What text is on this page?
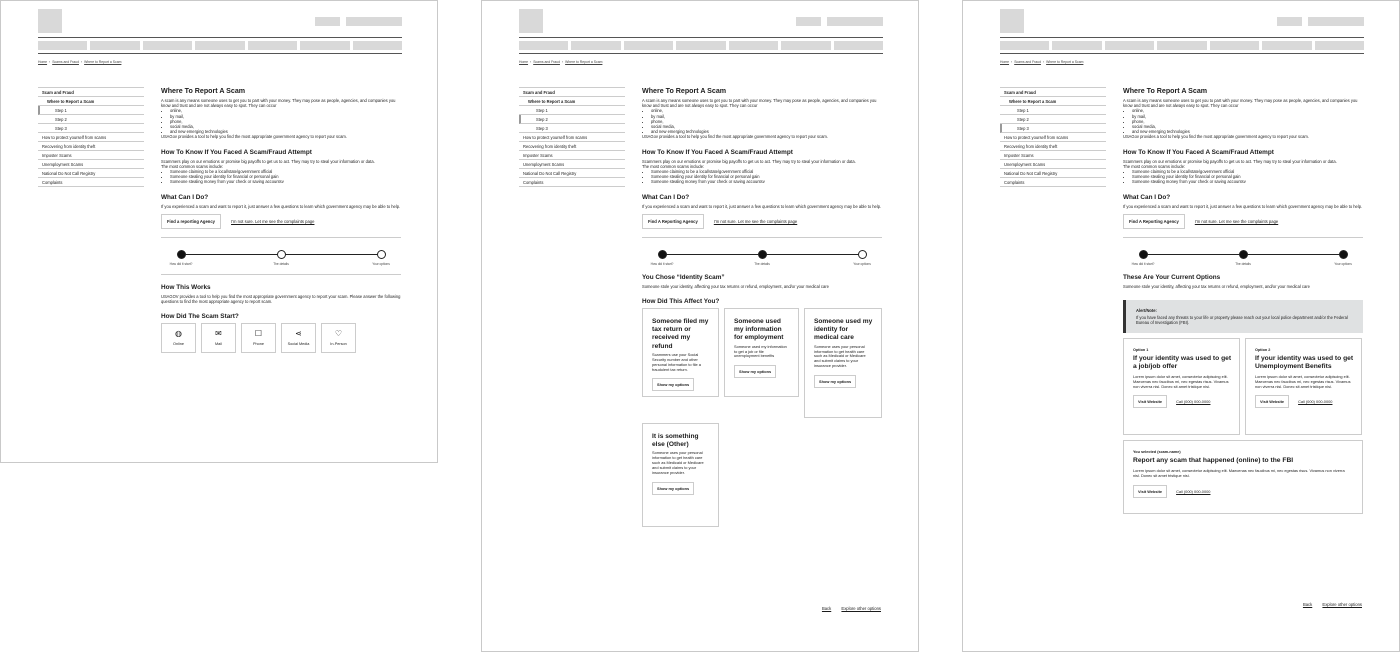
Home › Scams and Fraud › Where to Report a Scam
Scam and Fraud
Where to Report a Scam
Step 1
Step 2
Step 3
How to protect yourself from scams
Recovering from identity theft
Imposter Scams
Unemployment Scams
National Do Not Call Registry
Complaints
Where To Report A Scam

A scam is any means someone uses to get you to part with your money. They may pose as people, agencies, and companies you know and trust and are not always easy to spot. They can occur

• online,
• by mail,
• phone,
• social media,
• and new emerging technologies

USAGov provides a tool to help you find the most appropriate government agency to report your scam.

How To Know If You Faced A Scam/Fraud Attempt

Scammers play on our emotions or promise big payoffs to get us to act. They may try to steal your information or data.

The most common scams include:

• Someone claiming to be a local/state/government official
• Someone stealing your identity for financial or personal gain
• Someone stealing money from your check or saving accountsv
What Can I Do?

If you experienced a scam and want to report it, just answer a few questions to learn which government agency may be able to help.

Find a reporting Agency	I'm not sure. Let me see the complaints page
How did it start?	The details	Your options
How This Works

USAGOV provides a tool to help you find the most appropriate government agency to report your scam. Please answer the following questions to find the most appropriate agency to report scam.

How Did The Scam Start?
◍
Online
✉
Mail
☐
Phone
⋖
Social Media
♡
In-Person
Home › Scams and Fraud › Where to Report a Scam
Scam and Fraud
Where to Report a Scam
Step 1
Step 2
Step 3
How to protect yourself from scams
Recovering from identity theft
Imposter Scams
Unemployment Scams
National Do Not Call Registry
Complaints
Where To Report A Scam

A scam is any means someone uses to get you to part with your money. They may pose as people, agencies, and companies you know and trust and are not always easy to spot. They can occur

• online,
• by mail,
• phone,
• social media,
• and new emerging technologies

USAGov provides a tool to help you find the most appropriate government agency to report your scam.

How To Know If You Faced A Scam/Fraud Attempt

Scammers play on our emotions or promise big payoffs to get us to act. They may try to steal your information or data.

The most common scams include:

• Someone claiming to be a local/state/government official
• Someone stealing your identity for financial or personal gain
• Someone stealing money from your check or saving accountsv
What Can I Do?

If you experienced a scam and want to report it, just answer a few questions to learn which government agency may be able to help.

Find A Reporting Agency	I'm not sure. Let me see the complaints page
How did it start?	The details	Your options
You Chose “Identity Scam”

Someone stole your identity, affecting your tax returns or refund, employment, and/or your medical care

How Did This Affect You?
Someone filed my tax return or received my refund

Scammers use your Social Security number and other personal information to file a fraudulent tax return.

Show my options
Someone used my information for employment

Someone used my information to get a job or file unemployment benefits

Show my options
Someone used my identity for medical care

Someone uses your personal information to get health care such as Medicaid or Medicare and submit claims to your insurance provider.

Show my options
It is something else (Other)

Someone uses your personal information to get health care such as Medicaid or Medicare and submit claims to your insurance provider.

Show my options
Back Explore other options
Home › Scams and Fraud › Where to Report a Scam
Scam and Fraud
Where to Report a Scam
Step 1
Step 2
Step 3
How to protect yourself from scams
Recovering from identity theft
Imposter Scams
Unemployment Scams
National Do Not Call Registry
Complaints
Where To Report A Scam

A scam is any means someone uses to get you to part with your money. They may pose as people, agencies, and companies you know and trust and are not always easy to spot. They can occur

• online,
• by mail,
• phone,
• social media,
• and new emerging technologies

USAGov provides a tool to help you find the most appropriate government agency to report your scam.

How To Know If You Faced A Scam/Fraud Attempt

Scammers play on our emotions or promise big payoffs to get us to act. They may try to steal your information or data.

The most common scams include:

• Someone claiming to be a local/state/government official
• Someone stealing your identity for financial or personal gain
• Someone stealing money from your check or saving accountsv
What Can I Do?

If you experienced a scam and want to report it, just answer a few questions to learn which government agency may be able to help.

Find A Reporting Agency	I'm not sure. Let me see the complaints page
How did it start?	The details	Your options
These Are Your Current Options

Someone stole your identity, affecting your tax returns or refund, employment, and/or your medical care

Alert/Note:

If you have faced any threats to your life or property please reach out your local police department and/or the Federal Bureau of Investigation (FBI).

Option 1
If your identity was used to get a job/job offer

Lorem ipsum dolor sit amet, consectetur adipiscing elit. Maecenas nec faucibus mi, nec egestas risus. Vivamus non viverra nisl. Donec sit amet tristique nisi.

Visit Website	Call (000) 000-0000
Option 2
If your identity was used to get Unemployment Benefits

Lorem ipsum dolor sit amet, consectetur adipiscing elit. Maecenas nec faucibus mi, nec egestas risus. Vivamus non viverra nisl. Donec sit amet tristique nisi.

Visit Website	Call (000) 000-0000
You selected (scam-name)
Report any scam that happened (online) to the FBI

Lorem ipsum dolor sit amet, consectetur adipiscing elit. Maecenas nec faucibus mi, nec egestas risus. Vivamus non viverra nisl. Donec sit amet tristique nisi.

Visit Website	Call (000) 000-0000
Back Explore other options
